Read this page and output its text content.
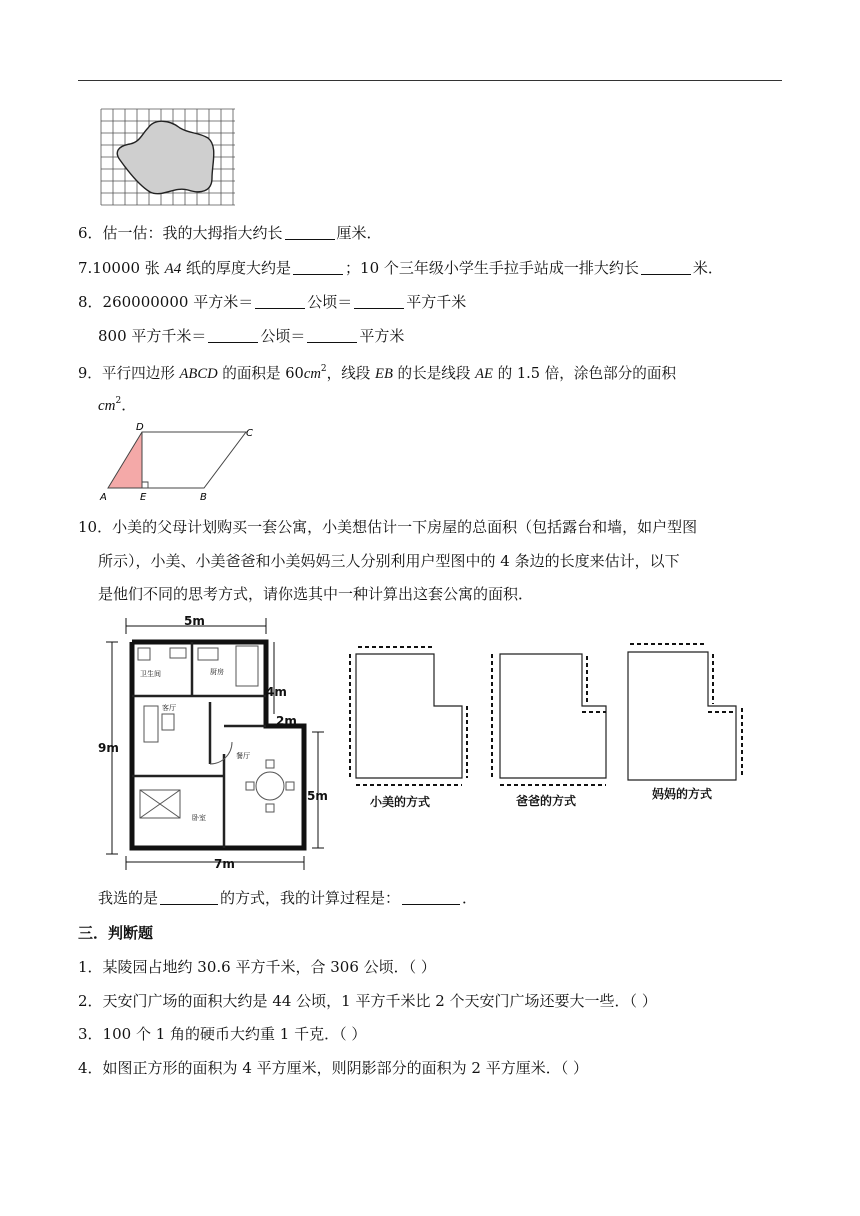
6．估一估：我的大拇指大约长	厘米．
7.10000 张 A4 纸的厚度大约是	；10 个三年级小学生手拉手站成一排大约长	米．
8．260000000 平方米＝	公顷＝	平方千米
800 平方千米＝	公顷＝	平方米
9．平行四边形 ABCD 的面积是 $60cm^2$，线段 EB 的长是线段 AE 的 1.5 倍，涂色部分的面积
$cm^2$．
D
C
A	E	B
10．小美的父母计划购买一套公寓，小美想估计一下房屋的总面积（包括露台和墙，如户型图
所示），小美、小美爸爸和小美妈妈三人分别利用户型图中的 4 条边的长度来估计，以下
是他们不同的思考方式，请你选其中一种计算出这套公寓的面积．
5m
9m
4m
2m
5m
7m
卫生间	厨房
客厅
餐厅
卧室
小美的方式	爸爸的方式	妈妈的方式
我选的是	的方式，我的计算过程是：	．
三．判断题
1．某陵园占地约 30.6 平方千米，合 306 公顷．（ ）
2．天安门广场的面积大约是 44 公顷，1 平方千米比 2 个天安门广场还要大一些．（ ）
3．100 个 1 角的硬币大约重 1 千克．（ ）
4．如图正方形的面积为 4 平方厘米，则阴影部分的面积为 2 平方厘米．（ ）
